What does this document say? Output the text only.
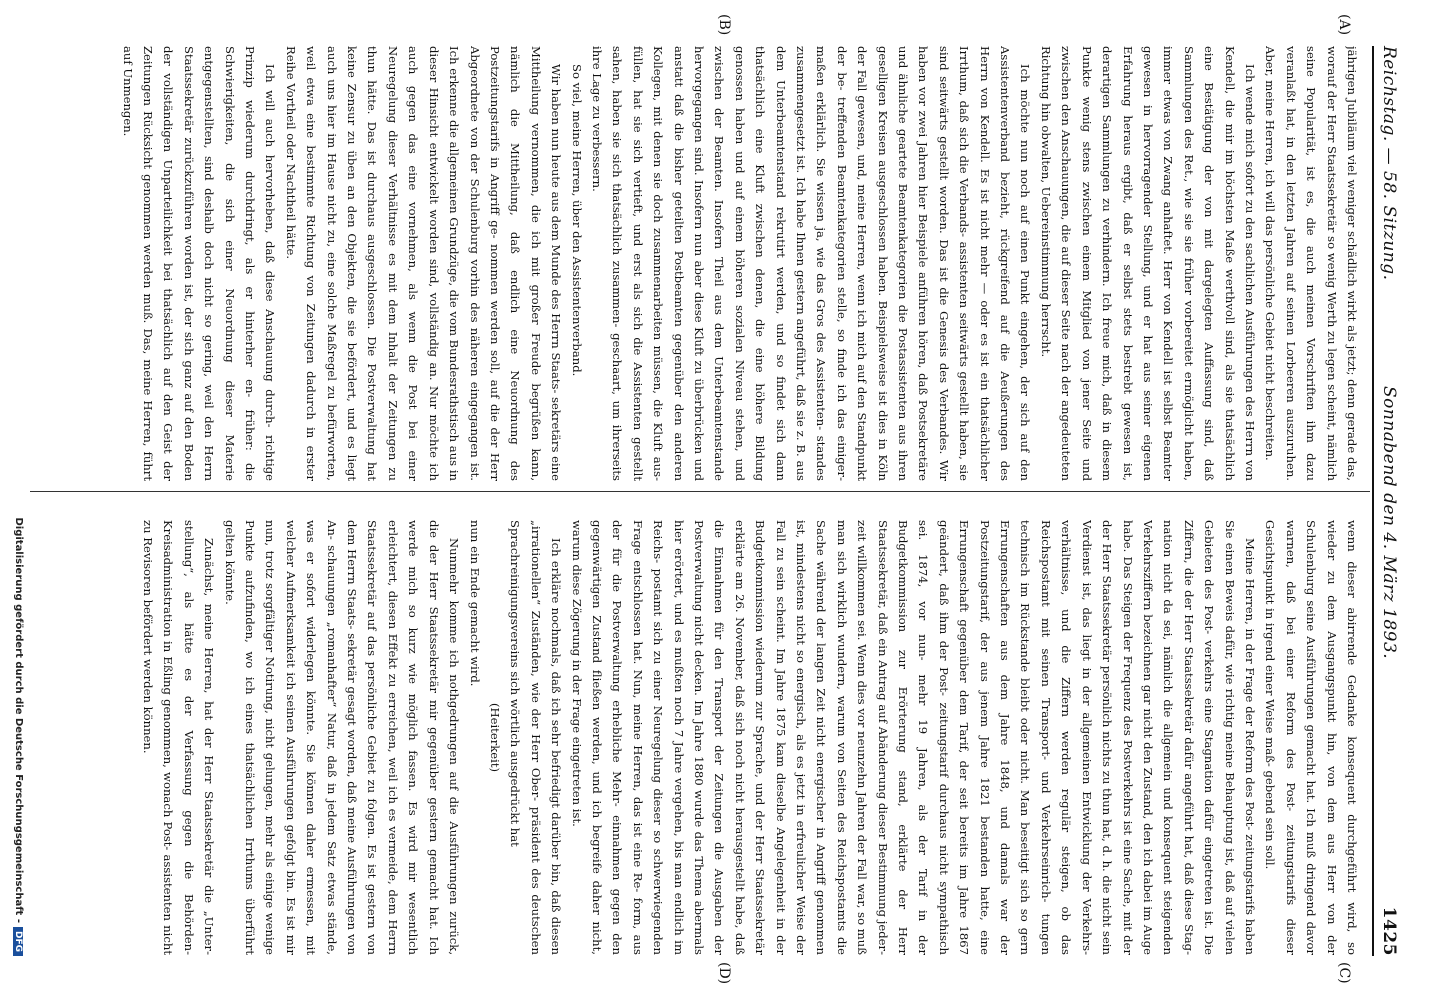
Reichstag. — 58. Sitzung.
Sonnabend den 4. März 1893.
1425
(A)
(B)
(C)
(D)

jährigen Jubiläum viel weniger schädlich wirkt als jetzt; denn gerade das, worauf der Herr Staatssekretär so wenig Werth zu legen scheint, nämlich seine Popularität, ist es, die auch meinen Vorschriften ihm dazu veranlaßt hat, in den letzten Jahren auf seinen Lorbeeren auszuruhen. Aber, meine Herren, ich will das persönliche Gebiet nicht beschreiten.

Ich wende mich sofort zu den sachlichen Ausführungen des Herrn von Kendell, die mir im höchsten Maße werthvoll sind, als sie thatsächlich eine Bestätigung der von mit dargelegten Auffassung sind, daß Sammlungen des Ret., wie sie sie früher vorbereitet ermöglicht haben, immer etwas von Zwang anhaftet. Herr von Kendell ist selbst Beamter gewesen in hervorragender Stellung, und er hat aus seiner eigenen Erfahrung heraus ergibt, daß er selbst stets bestrebt gewesen ist, derartigen Sammlungen zu verhindern. Ich freue mich, daß in diesem Punkte wenig stens zwischen einem Mitglied von jener Seite und zwischen den Anschauungen, die auf dieser Seite nach der angedeuteten Richtung hin obwalten, Uebereinstimmung herrscht.

Ich möchte nun noch auf einen Punkt eingehen, der sich auf den Assistentenverband bezieht, rückgreifend auf die Aeußerungen des Herrn von Kendell. Es ist nicht mehr — oder es ist ein thatsächlicher Irrthum, daß sich die Verbands- assistenten seitwärts gestellt haben, sie sind seitwärts gestellt worden. Das ist die Genesis des Verbandes. Wir haben vor zwei Jahren hier Beispiele anführen hören, daß Postsekretäre und ähnliche geartete Beamtenkategorien die Postassistenten aus ihren geselligen Kreisen ausgeschlossen haben. Beispielsweise ist dies in Köln der Fall gewesen, und, meine Herren, wenn ich mich auf den Standpunkt der be- treffenden Beamtenkategorien stelle, so finde ich das einiger- maßen erklärlich. Sie wissen ja, wie das Gros des Assistenten- standes zusammengesetzt ist. Ich habe Ihnen gestern angeführt, daß sie z. B. aus dem Unterbeamtenstand rekrutirt werden, und so findet sich dann thatsächlich eine Kluft zwischen denen, die eine höhere Bildung genossen haben und auf einem höheren sozialen Niveau stehen, und zwischen der Beamten. Insofern Theil aus dem Unterbeamtenstande hervorgegangen sind. Insofern nun aber diese Kluft zu überbrücken und anstatt daß die bisher geteilten Postbeamten gegenüber den anderen Kollegen, mit denen sie doch zusammenarbeiten müssen, die Kluft aus- füllen, hat sie sich vertieft, und erst als sich die Assistenten gestellt sahen, haben sie sich thatsächlich zusammen- geschaart, um ihrerseits ihre Lage zu verbessern.

So viel, meine Herren, über den Assistentenverband.

Wir haben nun heute aus dem Munde des Herrn Staats- sekretärs eine Mittheilung vernommen, die ich mit großer Freude begrüßen kann, nämlich die Mittheilung, daß endlich eine Neuordnung des Postzeitungstarifs in Angriff ge- nommen werden soll, auf die der Herr Abgeordnete von der Schulenburg vorhin des näheren eingegangen ist. Ich erkenne die allgemeinen Grundzüge, die vom Bundesrathstisch aus in dieser Hinsicht entwickelt worden sind, vollständig an. Nur möchte ich auch gegen das eine vornehmen, als wenn die Post bei einer Neuregelung dieser Verhältnisse es mit dem Inhalt der Zeitungen zu thun hätte. Das ist durchaus ausgeschlossen. Die Postverwaltung hat keine Zensur zu üben an den Objekten, die sie befördert, und es liegt auch uns hier im Hause nicht zu, eine solche Maßregel zu befürworten, weil etwa eine bestimmte Richtung von Zeitungen dadurch in erster Reihe Vortheil oder Nachtheil hätte.

Ich will auch hervorheben, daß diese Anschauung durch- richtige Prinzip wiederum durchdringt, als er hinterher en- früher: die Schwierigkeiten, die sich einer Neuordnung dieser Materie entgegenstellten, sind deshalb doch nicht so gering, weil den Herrn Staatssekretär zurückzuführen worden ist, der sich ganz auf den Boden der vollständigen Unparteilichkeit bei thatsächlich auf den Geist der Zeitungen Rücksicht genommen werden muß. Das, meine Herren, führt auf Unmengen.

wenn dieser abirrende Gedanke konsequent durchgeführt wird, so wieder zu dem Ausgangspunkt hin, von dem aus Herr von der Schulenburg seine Ausführungen gemacht hat. Ich muß dringend davor warnen, daß bei einer Reform des Post- zeitungstarifs dieser Gesichtspunkt in irgend einer Weise maß- gebend sein soll.

Meine Herren, in der Frage der Reform des Post- zeitungstarifs haben Sie einen Beweis dafür, wie richtig meine Behauptung ist, daß auf vielen Gebieten des Post- verkehrs eine Stagnation dafür eingetreten ist. Die Ziffern, die der Herr Staatssekretär dafür angeführt hat, daß diese Stag- nation nicht da sei, nämlich die allgemein und konsequent steigenden Verkehrsziffern bezeichnen gar nicht den Zustand, den ich dabei im Auge habe. Das Steigen der Frequenz des Postverkehrs ist eine Sache, mit der der Herr Staatssekretär persönlich nichts zu thun hat, d. h. die nicht sein Verdienst ist, das liegt in der allgemeinen Entwicklung der Verkehrs- verhältnisse, und die Ziffern werden regulär steigen, ob das Reichspostamt mit seinen Transport- und Verkehrseinrich- tungen technisch im Rückstande bleibt oder nicht. Man beseitigt sich so gern Errungenschaften aus dem Jahre 1848, und damals war der Postzeitungstarif, der aus jenem Jahre 1821 bestanden hatte, eine Errungenschaft gegenüber dem Tarif, der seit bereits im Jahre 1867 geändert, daß ihm der Post- zeitungstarif durchaus nicht sympathisch sei. 1874, vor nun- mehr 19 Jahren, als der Tarif in der Budgetkommission zur Erörterung stand, erklärte der Herr Staatssekretär, daß ein Antrag auf Abänderung dieser Bestimmung jeder- zeit willkommen sei. Wenn dies vor neunzehn Jahren der Fall war, so muß man sich wirklich wundern, warum von Seiten des Reichspostamts die Sache während der langen Zeit nicht energischer in Angriff genommen ist, mindestens nicht so energisch, als es jetzt in erfreulicher Weise der Fall zu sein scheint. Im Jahre 1875 kam dieselbe Angelegenheit in der Budgetkommission wiederum zur Sprache, und der Herr Staatssekretär erklärte am 26. November, daß sich noch nicht herausgestellt habe, daß die Einnahmen für den Transport der Zeitungen die Ausgaben der Postverwaltung nicht decken. Im Jahre 1880 wurde das Thema abermals hier erörtert, und es mußten noch 7 Jahre vergehen, bis man endlich im Reichs- postamt sich zu einer Neuregelung dieser so schwerwiegenden Frage entschlossen hat. Nun, meine Herren, das ist eine Re- form, aus der für die Postverwaltung erhebliche Mehr- einnahmen gegen den gegenwärtigen Zustand fließen werden, und ich begreife daher nicht, warum diese Zögerung in der Frage eingetreten ist.

Ich erkläre nochmals, daß ich sehr befriedigt darüber bin, daß diesen „irrationellen“ Zuständen, wie der Herr Ober- präsident des deutschen Sprachreinigungsvereins sich wörtlich ausgedrückt hat

(Heiterkeit)

nun ein Ende gemacht wird.

Nunmehr komme ich nothgedrungen auf die Ausführungen zurück, die der Herr Staatssekretär mir gegenüber gestern gemacht hat. Ich werde mich so kurz wie möglich fassen. Es wird mir wesentlich erleichtert, diesen Effekt zu erreichen, weil ich es vermeide, dem Herrn Staatssekretär auf das persönliche Gebiet zu folgen. Es ist gestern von dem Herrn Staats- sekretär gesagt worden, daß meine Ausführungen von An- schauungen „romanhafter“ Natur, daß in jedem Satz etwas stände, was er sofort widerlegen könnte. Sie können daher ermessen, mit welcher Aufmerksamkeit ich seinen Ausführungen gefolgt bin. Es ist mir nun, trotz sorgfältiger Notirung, nicht gelungen, mehr als einige wenige Punkte aufzufinden, wo ich eines thatsächlichen Irrthums überführt gelten könnte.

Zunächst, meine Herren, hat der Herr Staatssekretär die „Unter- stellung“, als hätte es der Verfassung gegen die Behörden- Kreisadministration in Eßling genommen, wonach Post- assistenten nicht zu Revisoren befördert werden können.

Digitalisierung gefördert durch die Deutsche Forschungsgemeinschaft -DFG
